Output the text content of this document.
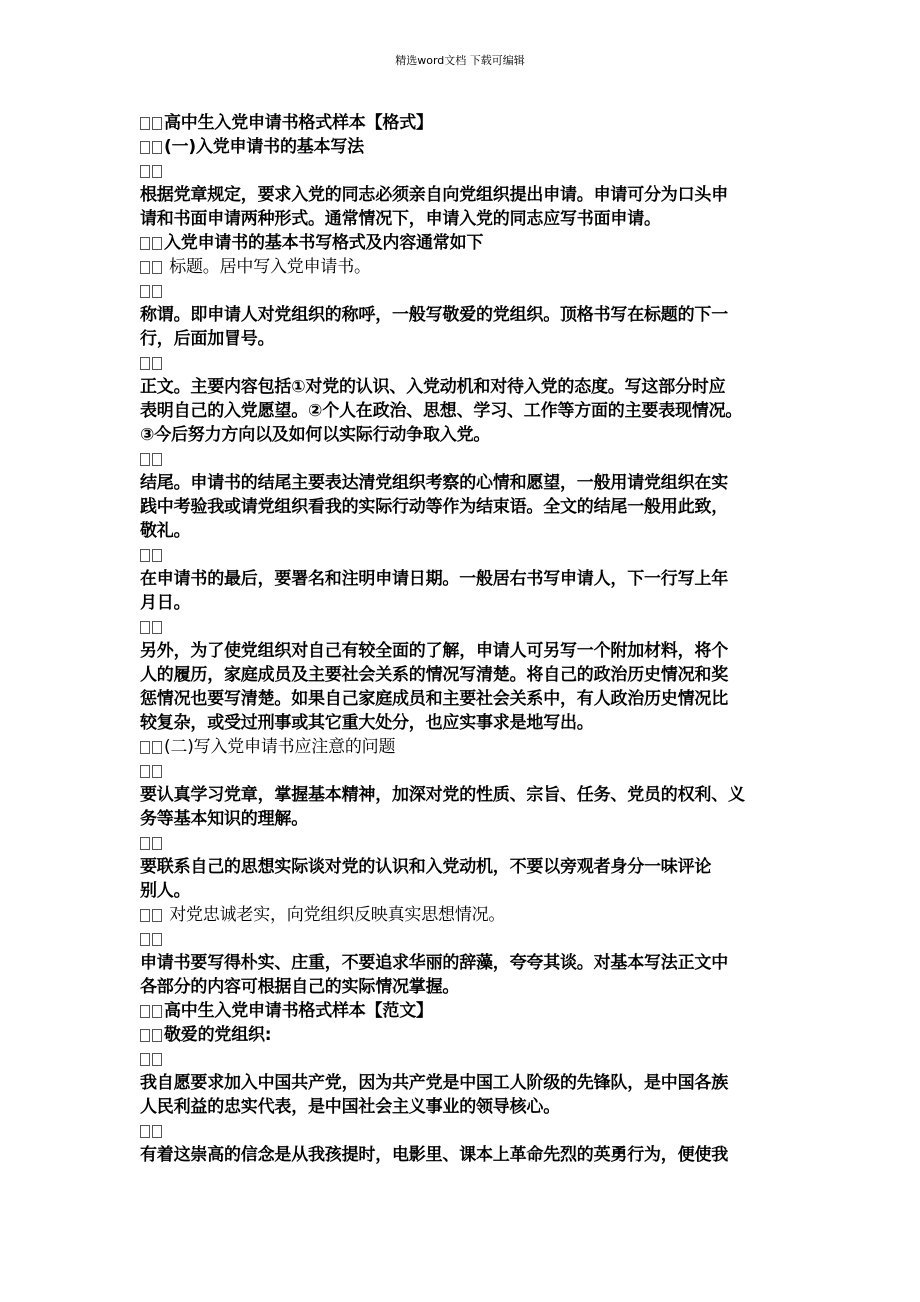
精选word文档 下载可编辑
高中生入党申请书格式样本【格式】
(一)入党申请书的基本写法
根据党章规定，要求入党的同志必须亲自向党组织提出申请。申请可分为口头申
请和书面申请两种形式。通常情况下，申请入党的同志应写书面申请。
入党申请书的基本书写格式及内容通常如下
标题。居中写入党申请书。
称谓。即申请人对党组织的称呼，一般写敬爱的党组织。顶格书写在标题的下一
行，后面加冒号。
正文。主要内容包括①对党的认识、入党动机和对待入党的态度。写这部分时应
表明自己的入党愿望。②个人在政治、思想、学习、工作等方面的主要表现情况。
③今后努力方向以及如何以实际行动争取入党。
结尾。申请书的结尾主要表达清党组织考察的心情和愿望，一般用请党组织在实
践中考验我或请党组织看我的实际行动等作为结束语。全文的结尾一般用此致，
敬礼。
在申请书的最后，要署名和注明申请日期。一般居右书写申请人，下一行写上年
月日。
另外，为了使党组织对自己有较全面的了解，申请人可另写一个附加材料，将个
人的履历，家庭成员及主要社会关系的情况写清楚。将自己的政治历史情况和奖
惩情况也要写清楚。如果自己家庭成员和主要社会关系中，有人政治历史情况比
较复杂，或受过刑事或其它重大处分，也应实事求是地写出。
(二)写入党申请书应注意的问题
要认真学习党章，掌握基本精神，加深对党的性质、宗旨、任务、党员的权利、义
务等基本知识的理解。
要联系自己的思想实际谈对党的认识和入党动机，不要以旁观者身分一味评论
别人。
对党忠诚老实，向党组织反映真实思想情况。
申请书要写得朴实、庄重，不要追求华丽的辞藻，夸夸其谈。对基本写法正文中
各部分的内容可根据自己的实际情况掌握。
高中生入党申请书格式样本【范文】
敬爱的党组织:
我自愿要求加入中国共产党，因为共产党是中国工人阶级的先锋队，是中国各族
人民利益的忠实代表，是中国社会主义事业的领导核心。
有着这崇高的信念是从我孩提时，电影里、课本上革命先烈的英勇行为，便使我
